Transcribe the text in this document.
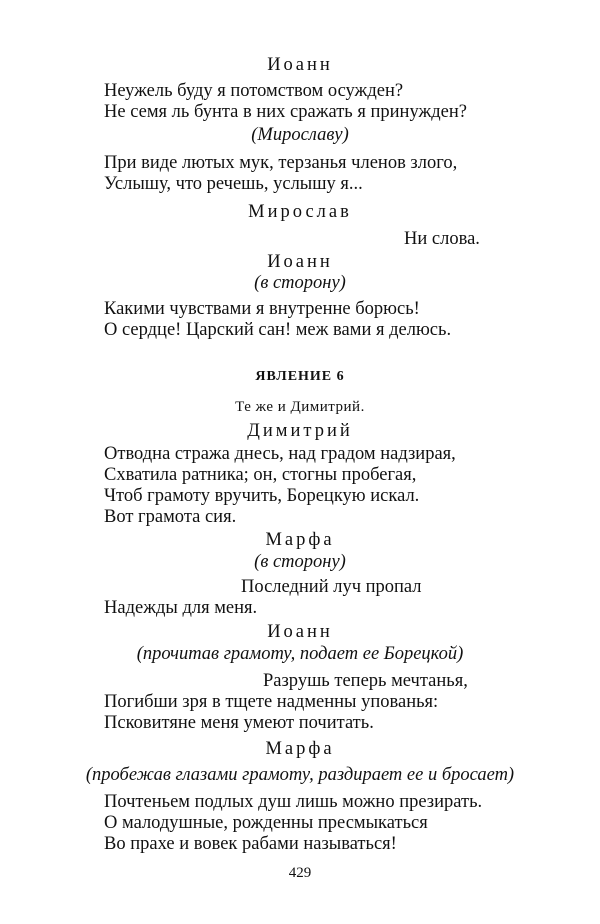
Иоанн
Неужель буду я потомством осужден?
Не семя ль бунта в них сражать я принужден?
(Мирославу)
При виде лютых мук, терзанья членов злого,
Услышу, что речешь, услышу я...
Мирослав
Ни слова.
Иоанн
(в сторону)
Какими чувствами я внутренне борюсь!
О сердце! Царский сан! меж вами я делюсь.
ЯВЛЕНИЕ 6
Те же и Димитрий.
Димитрий
Отводна стража днесь, над градом надзирая,
Схватила ратника; он, стогны пробегая,
Чтоб грамоту вручить, Борецкую искал.
Вот грамота сия.
Марфа
(в сторону)
Последний луч пропал
Надежды для меня.
Иоанн
(прочитав грамоту, подает ее Борецкой)
Разрушь теперь мечтанья,
Погибши зря в тщете надменны упованья:
Псковитяне меня умеют почитать.
Марфа
(пробежав глазами грамоту, раздирает ее и бросает)
Почтеньем подлых душ лишь можно презирать.
О малодушные, рожденны пресмыкаться
Во прахе и вовек рабами называться!
429
